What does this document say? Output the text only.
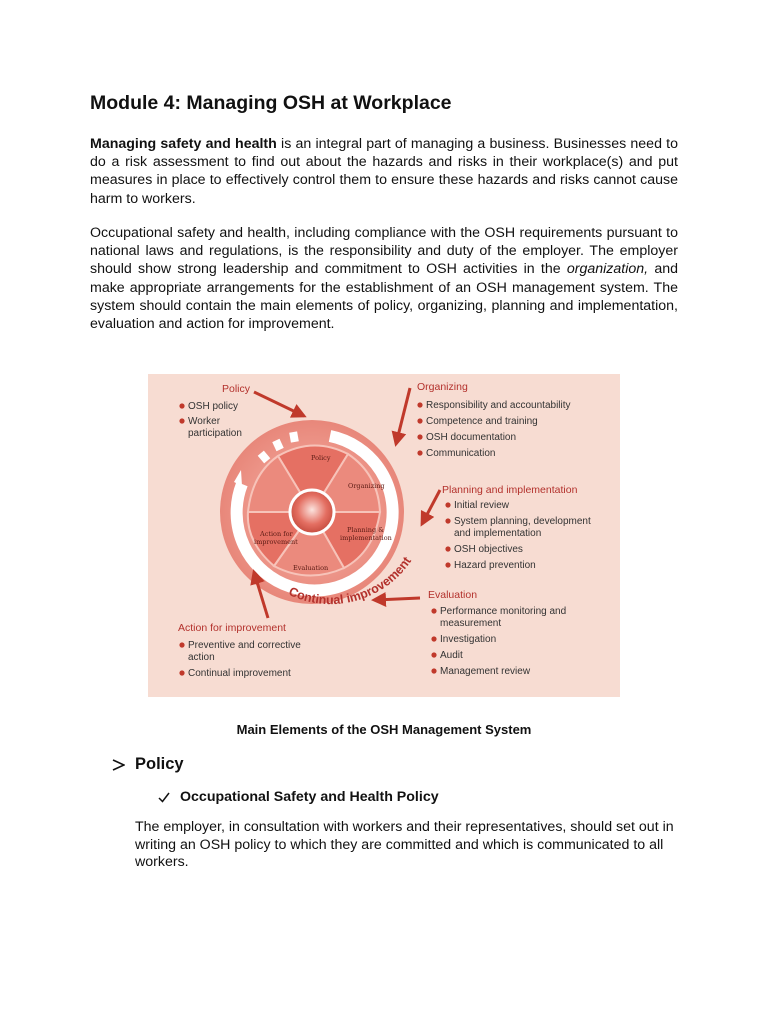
Module 4: Managing OSH at Workplace

Managing safety and health is an integral part of managing a business. Businesses need to do a risk assessment to find out about the hazards and risks in their workplace(s) and put measures in place to effectively control them to ensure these hazards and risks cannot cause harm to workers.

Occupational safety and health, including compliance with the OSH requirements pursuant to national laws and regulations, is the responsibility and duty of the employer. The employer should show strong leadership and commitment to OSH activities in the organization, and make appropriate arrangements for the establishment of an OSH management system. The system should contain the main elements of policy, organizing, planning and implementation, evaluation and action for improvement.

Policy
Organizing
Planning &
implementation
Evaluation
Action for
improvement
Continual improvement
Policy
OSH policy
Worker
participation
Organizing
Responsibility and accountability
Competence and training
OSH documentation
Communication
Planning and implementation
Initial review
System planning, development
and implementation
OSH objectives
Hazard prevention
Evaluation
Performance monitoring and
measurement
Investigation
Audit
Management review
Action for improvement
Preventive and corrective
action
Continual improvement
Main Elements of the OSH Management System
Policy
Occupational Safety and Health Policy

The employer, in consultation with workers and their representatives, should set out in writing an OSH policy to which they are committed and which is communicated to all workers.
